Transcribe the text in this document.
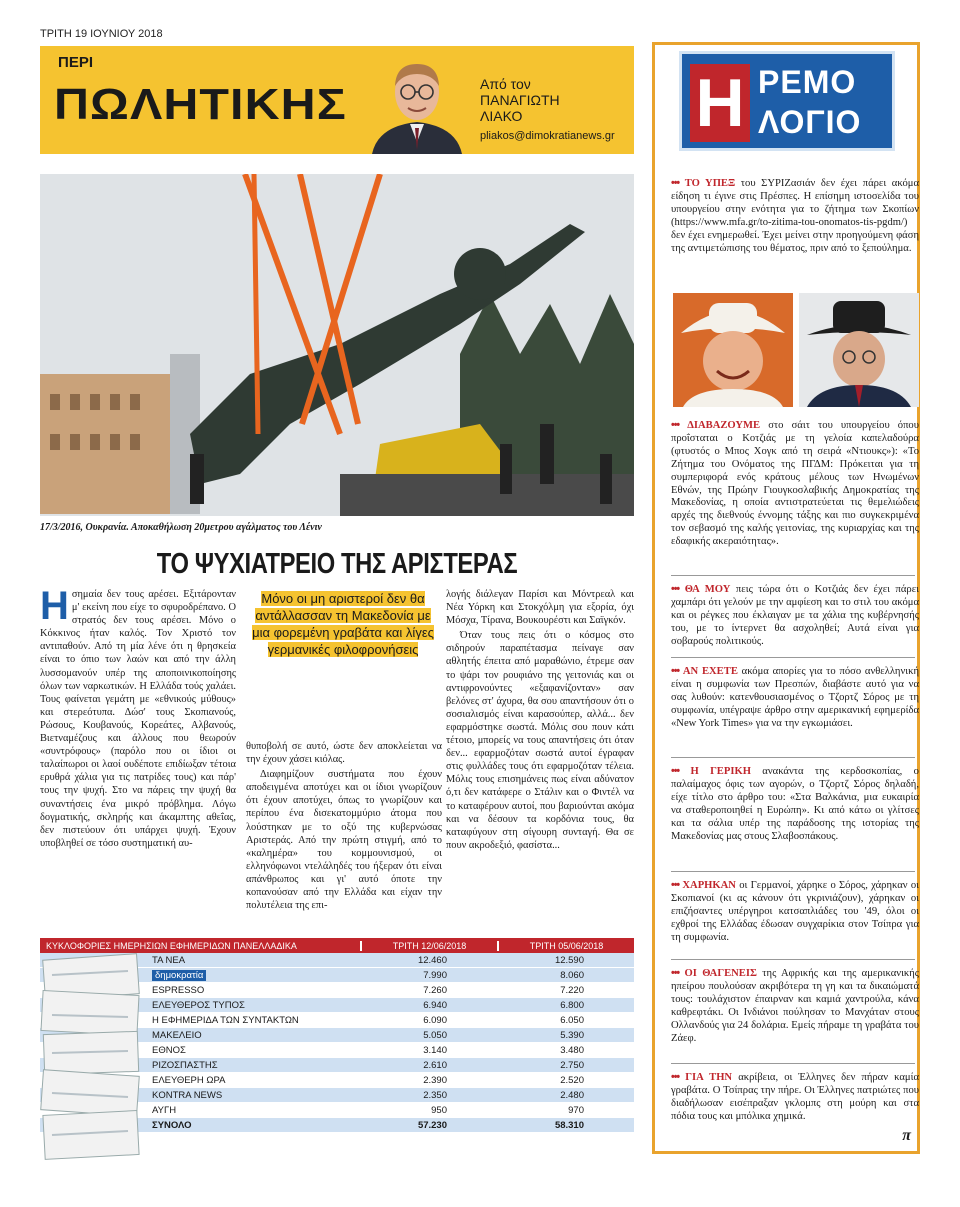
ΤΡΙΤΗ 19 ΙΟΥΝΙΟΥ 2018
ΠΕΡΙ
ΠΩΛΗΤΙΚΗΣ	Από τον
ΠΑΝΑΓΙΩΤΗ
ΛΙΑΚΟ
pliakos@dimokratianews.gr
17/3/2016, Ουκρανία. Αποκαθήλωση 20μετρου αγάλματος του Λένιν
ΤΟ ΨΥΧΙΑΤΡΕΙΟ ΤΗΣ ΑΡΙΣΤΕΡΑΣ

Ησημαία δεν τους αρέσει. Εξιτάρονταν μ' εκείνη που είχε το σφυροδρέπανο. Ο στρατός δεν τους αρέσει. Μόνο ο Κόκκινος ήταν καλός. Τον Χριστό τον αντιπαθούν. Από τη μία λένε ότι η θρησκεία είναι το όπιο των λαών και από την άλλη λυσσομανούν υπέρ της αποποινικοποίησης όλων των ναρκωτικών. Η Ελλάδα τούς χαλάει. Τους φαίνεται γεμάτη με «εθνικούς μύθους» και στερεότυπα. Δώσ' τους Σκοπιανούς, Ρώσους, Κουβανούς, Κορεάτες, Αλβανούς, Βιετναμέζους και άλλους που θεωρούν «συντρόφους» (παρόλο που οι ίδιοι οι ταλαίπωροι οι λαοί ουδέποτε επιδίωξαν τέτοια ερυθρά χάλια για τις πατρίδες τους) και πάρ' τους την ψυχή. Στο να πάρεις την ψυχή θα συναντήσεις ένα μικρό πρόβλημα. Λόγω δογματικής, σκληρής και άκαμπτης αθεΐας, δεν πιστεύουν ότι υπάρχει ψυχή. Έχουν υποβληθεί σε τόσο συστηματική αυ-

Μόνο οι μη αριστεροί δεν θα αντάλλασσαν τη Μακεδονία με μια φορεμένη γραβάτα και λίγες γερμανικές φιλοφρονήσεις

θυποβολή σε αυτό, ώστε δεν αποκλείεται να την έχουν χάσει κιόλας.

Διαφημίζουν συστήματα που έχουν αποδειγμένα αποτύχει και οι ίδιοι γνωρίζουν ότι έχουν αποτύχει, όπως το γνωρίζουν και περίπου ένα δισεκατομμύριο άτομα που λούστηκαν με το οξύ της κυβερνώσας Αριστεράς. Από την πρώτη στιγμή, από το «καλημέρα» του κομμουνισμού, οι ελληνόφωνοι ντελάληδές του ήξεραν ότι είναι απάνθρωπος και γι' αυτό όποτε την κοπανούσαν από την Ελλάδα και είχαν την πολυτέλεια της επι-

λογής διάλεγαν Παρίσι και Μόντρεαλ και Νέα Υόρκη και Στοκχόλμη για εξορία, όχι Μόσχα, Τίρανα, Βουκουρέστι και Σαϊγκόν.

Όταν τους πεις ότι ο κόσμος στο σιδηρούν παραπέτασμα πείναγε σαν αθλητής έπειτα από μαραθώνιο, έτρεμε σαν το ψάρι τον ρουφιάνο της γειτονιάς και οι αντιφρονούντες «εξαφανίζονταν» σαν βελόνες στ' άχυρα, θα σου απαντήσουν ότι ο σοσιαλισμός είναι καρασούπερ, αλλά... δεν εφαρμόστηκε σωστά. Μόλις σου πουν κάτι τέτοιο, μπορείς να τους απαντήσεις ότι όταν δεν... εφαρμοζόταν σωστά αυτοί έγραφαν στις φυλλάδες τους ότι εφαρμοζόταν τέλεια. Μόλις τους επισημάνεις πως είναι αδύνατον ό,τι δεν κατάφερε ο Στάλιν και ο Φιντέλ να το καταφέρουν αυτοί, που βαριούνται ακόμα και να δέσουν τα κορδόνια τους, θα καταφύγουν στη σίγουρη συνταγή. Θα σε πουν ακροδεξιό, φασίστα...

ΚΥΚΛΟΦΟΡΙΕΣ ΗΜΕΡΗΣΙΩΝ ΕΦΗΜΕΡΙΔΩΝ ΠΑΝΕΛΛΑΔΙΚΑ	ΤΡΙΤΗ 12/06/2018	ΤΡΙΤΗ 05/06/2018
ΤΑ ΝΕΑ	12.460	12.590
δημοκρατία	7.990	8.060
ESPRESSO	7.260	7.220
ΕΛΕΥΘΕΡΟΣ ΤΥΠΟΣ	6.940	6.800
Η ΕΦΗΜΕΡΙΔΑ ΤΩΝ ΣΥΝΤΑΚΤΩΝ	6.090	6.050
ΜΑΚΕΛΕΙΟ	5.050	5.390
ΕΘΝΟΣ	3.140	3.480
ΡΙΖΟΣΠΑΣΤΗΣ	2.610	2.750
ΕΛΕΥΘΕΡΗ ΩΡΑ	2.390	2.520
KONTRA NEWS	2.350	2.480
ΑΥΓΗ	950	970
ΣΥΝΟΛΟ	57.230	58.310
Η ΡΕΜΟ
ΛΟΓΙΟ
••• ΤΟ ΥΠΕΞ του ΣΥΡΙΖασιάν δεν έχει πάρει ακόμα είδηση τι έγινε στις Πρέσπες. Η επίσημη ιστοσελίδα του υπουργείου στην ενότητα για το ζήτημα των Σκοπίων (https://www.mfa.gr/to-zitima-tou-onomatos-tis-pgdm/) δεν έχει ενημερωθεί. Έχει μείνει στην προηγούμενη φάση της αντιμετώπισης του θέματος, πριν από το ξεπούλημα.
••• ΔΙΑΒΑΖΟΥΜΕ στο σάιτ του υπουργείου όπου προΐσταται ο Κοτζιάς με τη γελοία καπελαδούρα (φτυστός ο Μπος Χογκ από τη σειρά «Ντιουκς»): «Το Ζήτημα του Ονόματος της ΠΓΔΜ: Πρόκειται για τη συμπεριφορά ενός κράτους μέλους των Ηνωμένων Εθνών, της Πρώην Γιουγκοσλαβικής Δημοκρατίας της Μακεδονίας, η οποία αντιστρατεύεται τις θεμελιώδεις αρχές της διεθνούς έννομης τάξης και πιο συγκεκριμένα τον σεβασμό της καλής γειτονίας, της κυριαρχίας και της εδαφικής ακεραιότητας».
••• ΘΑ ΜΟΥ πεις τώρα ότι ο Κοτζιάς δεν έχει πάρει χαμπάρι ότι γελούν με την αμφίεση και το στιλ του ακόμα και οι ρέγκες που έκλαιγαν με τα χάλια της κυβέρνησής του, με το ίντερνετ θα ασχοληθεί; Αυτά είναι για σοβαρούς πολιτικούς.
••• ΑΝ ΕΧΕΤΕ ακόμα απορίες για το πόσο ανθελληνική είναι η συμφωνία των Πρεσπών, διαβάστε αυτό για να σας λυθούν: κατενθουσιασμένος ο Τζορτζ Σόρος με τη συμφωνία, υπέγραψε άρθρο στην αμερικανική εφημερίδα «New York Times» για να την εγκωμιάσει.
••• Η ΓΕΡΙΚΗ ανακάντα της κερδοσκοπίας, ο παλαίμαχος όφις των αγορών, ο Τζορτζ Σόρος δηλαδή, είχε τίτλο στο άρθρο του: «Στα Βαλκάνια, μια ευκαιρία να σταθεροποιηθεί η Ευρώπη». Κι από κάτω οι γλίτσες και τα σάλια υπέρ της παράδοσης της ιστορίας της Μακεδονίας μας στους Σλαβοσπάκους.
••• ΧΑΡΗΚΑΝ οι Γερμανοί, χάρηκε ο Σόρος, χάρηκαν οι Σκοπιανοί (κι ας κάνουν ότι γκρινιάζουν), χάρηκαν οι επιζήσαντες υπέργηροι κατσαπλιάδες του '49, όλοι οι εχθροί της Ελλάδας έδωσαν συγχαρίκια στον Τσίπρα για τη συμφωνία.
••• ΟΙ ΘΑΓΕΝΕΙΣ της Αφρικής και της αμερικανικής ηπείρου πουλούσαν ακριβότερα τη γη και τα δικαιώματά τους: τουλάχιστον έπαιρναν και καμιά χαντρούλα, κάνα καθρεφτάκι. Οι Ινδιάνοι πούλησαν το Μανχάταν στους Ολλανδούς για 24 δολάρια. Εμείς πήραμε τη γραβάτα του Ζάεφ.
••• ΓΙΑ ΤΗΝ ακρίβεια, οι Έλληνες δεν πήραν καμία γραβάτα. Ο Τσίπρας την πήρε. Οι Έλληνες πατριώτες που διαδήλωσαν εισέπραξαν γκλομπς στη μούρη και στα πόδια τους και μπόλικα χημικά.
π
